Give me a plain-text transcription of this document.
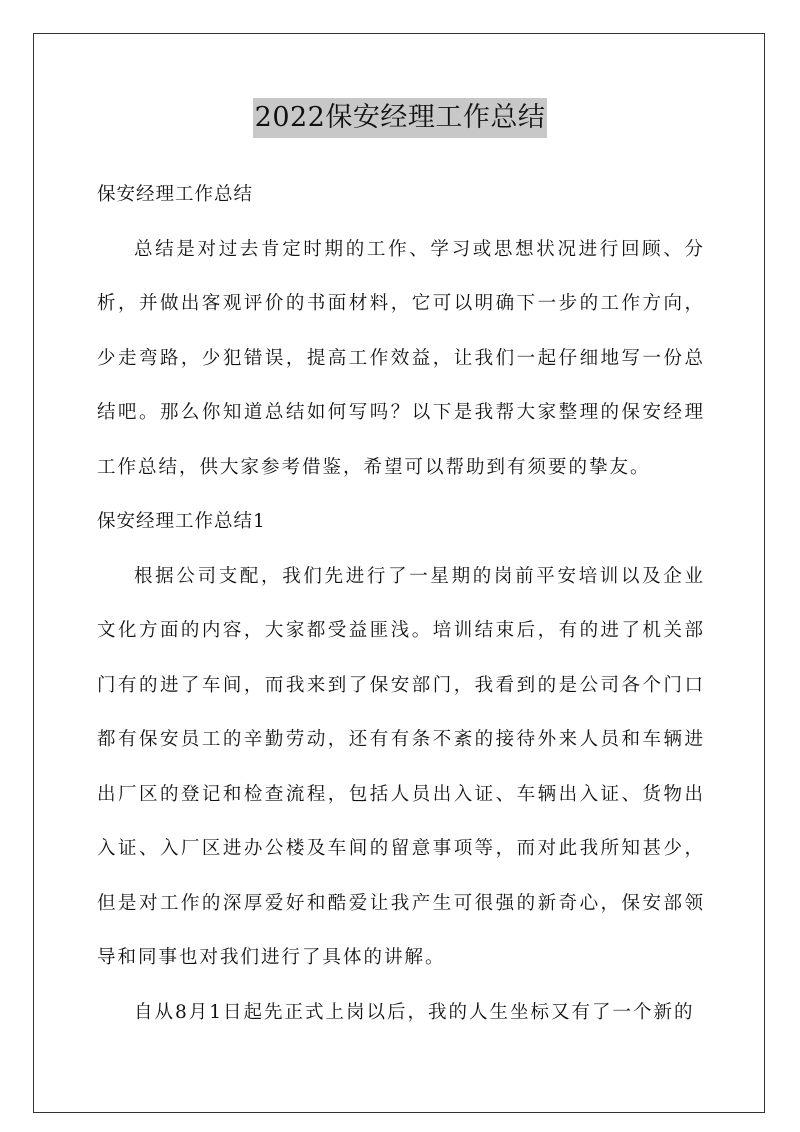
2022保安经理工作总结

保安经理工作总结

总结是对过去肯定时期的工作、学习或思想状况进行回顾、分析，并做出客观评价的书面材料，它可以明确下一步的工作方向，少走弯路，少犯错误，提高工作效益，让我们一起仔细地写一份总结吧。那么你知道总结如何写吗？以下是我帮大家整理的保安经理工作总结，供大家参考借鉴，希望可以帮助到有须要的挚友。

保安经理工作总结1

根据公司支配，我们先进行了一星期的岗前平安培训以及企业文化方面的内容，大家都受益匪浅。培训结束后，有的进了机关部门有的进了车间，而我来到了保安部门，我看到的是公司各个门口都有保安员工的辛勤劳动，还有有条不紊的接待外来人员和车辆进出厂区的登记和检查流程，包括人员出入证、车辆出入证、货物出入证、入厂区进办公楼及车间的留意事项等，而对此我所知甚少，但是对工作的深厚爱好和酷爱让我产生可很强的新奇心，保安部领导和同事也对我们进行了具体的讲解。

自从8月1日起先正式上岗以后，我的人生坐标又有了一个新的
